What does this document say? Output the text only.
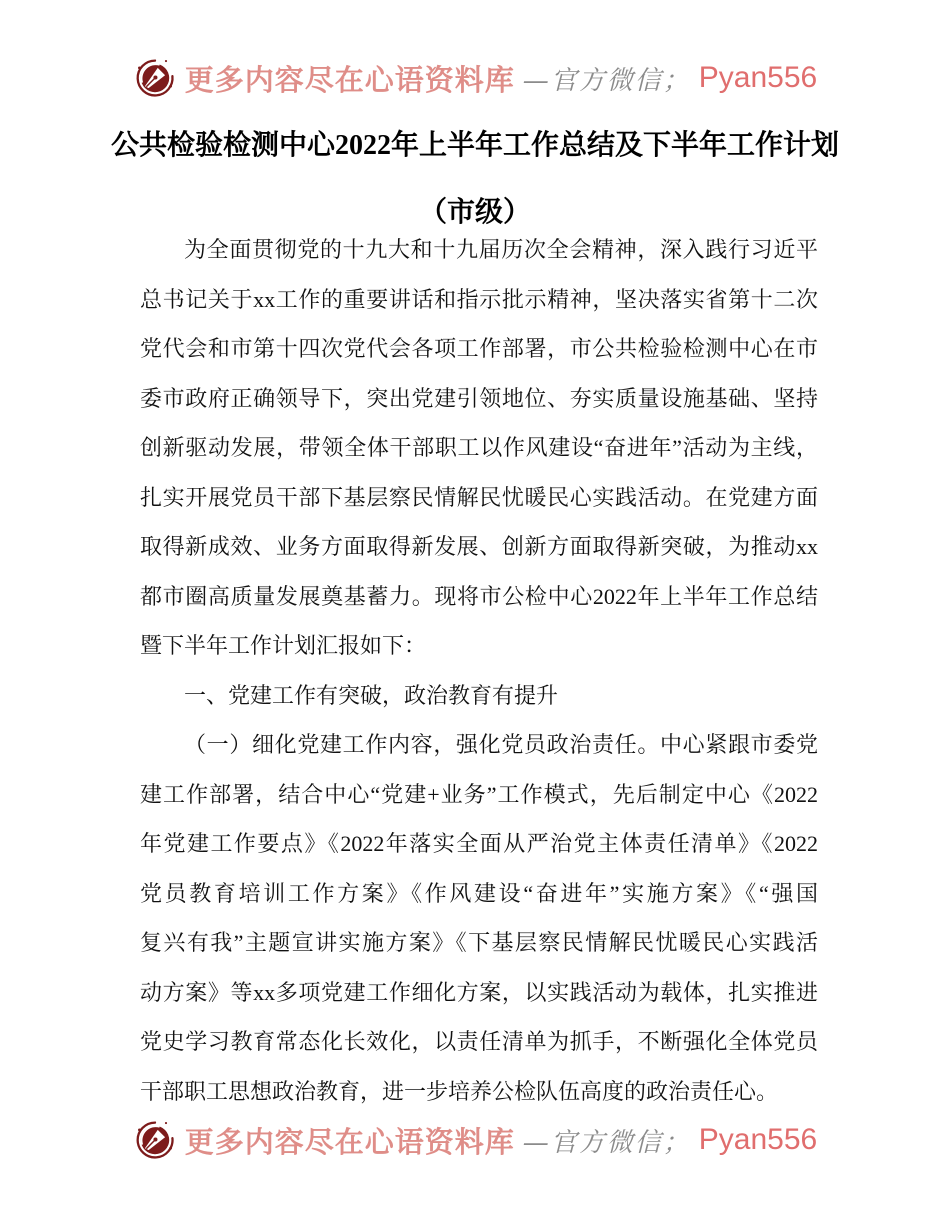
更多内容尽在心语资料库 —官方微信； Pyan556
公共检验检测中心2022年上半年工作总结及下半年工作计划
（市级）
为全面贯彻党的十九大和十九届历次全会精神，深入践行习近平
总书记关于xx工作的重要讲话和指示批示精神，坚决落实省第十二次
党代会和市第十四次党代会各项工作部署，市公共检验检测中心在市
委市政府正确领导下，突出党建引领地位、夯实质量设施基础、坚持
创新驱动发展，带领全体干部职工以作风建设“奋进年”活动为主线，
扎实开展党员干部下基层察民情解民忧暖民心实践活动。在党建方面
取得新成效、业务方面取得新发展、创新方面取得新突破，为推动xx
都市圈高质量发展奠基蓄力。现将市公检中心2022年上半年工作总结
暨下半年工作计划汇报如下：
一、党建工作有突破，政治教育有提升
（一）细化党建工作内容，强化党员政治责任。中心紧跟市委党
建工作部署，结合中心“党建+业务”工作模式，先后制定中心《2022
年党建工作要点》《2022年落实全面从严治党主体责任清单》《2022
党员教育培训工作方案》《作风建设“奋进年”实施方案》《“强国
复兴有我”主题宣讲实施方案》《下基层察民情解民忧暖民心实践活
动方案》等xx多项党建工作细化方案，以实践活动为载体，扎实推进
党史学习教育常态化长效化，以责任清单为抓手，不断强化全体党员
干部职工思想政治教育，进一步培养公检队伍高度的政治责任心。
更多内容尽在心语资料库 —官方微信； Pyan556
